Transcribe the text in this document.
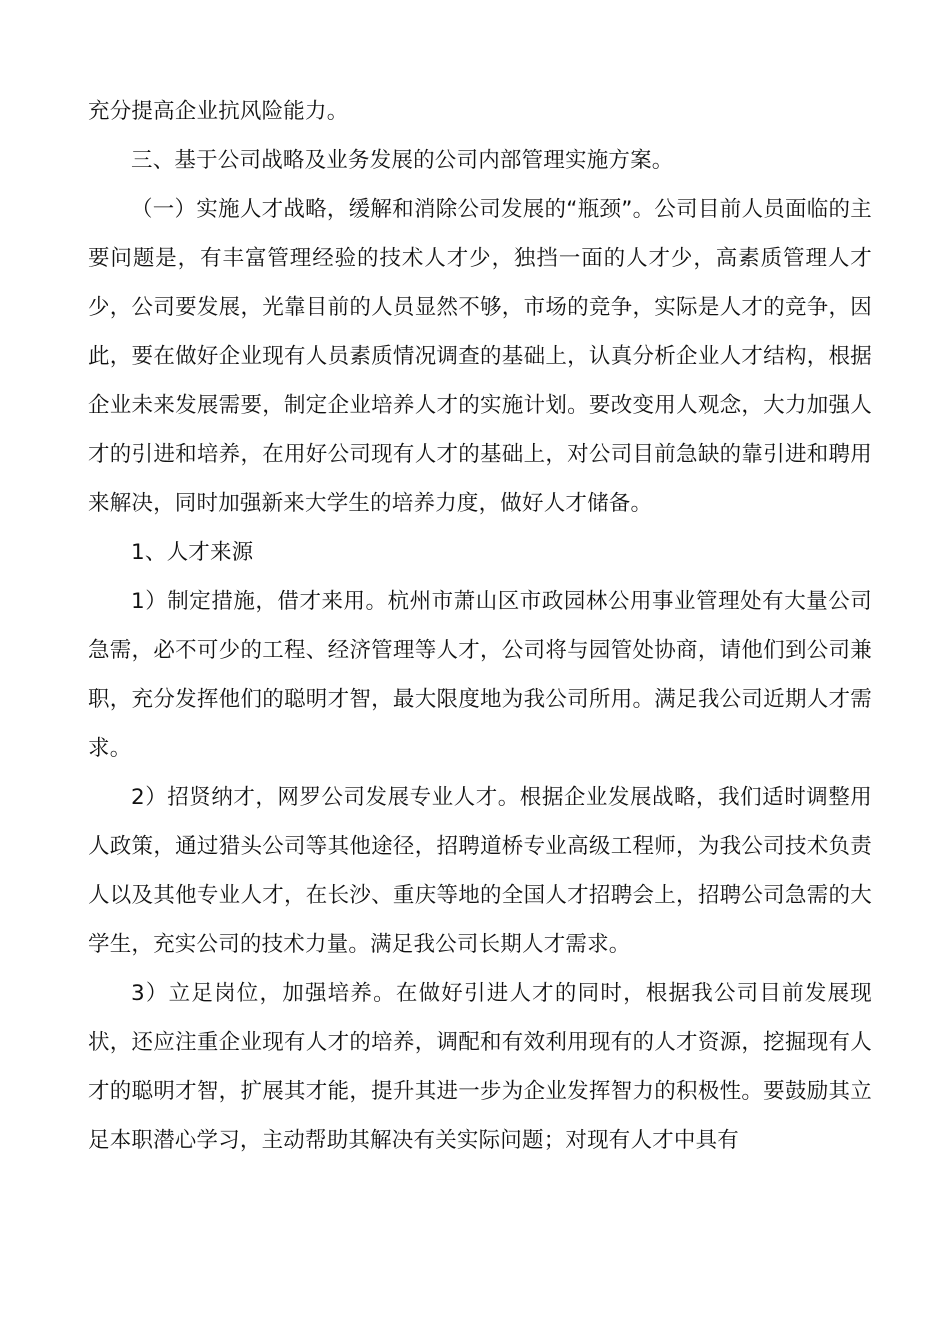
充分提高企业抗风险能力。

三、基于公司战略及业务发展的公司内部管理实施方案。

（一）实施人才战略，缓解和消除公司发展的“瓶颈”。公司目前人员面临的主要问题是，有丰富管理经验的技术人才少，独挡一面的人才少，高素质管理人才少，公司要发展，光靠目前的人员显然不够，市场的竞争，实际是人才的竞争，因此，要在做好企业现有人员素质情况调查的基础上，认真分析企业人才结构，根据企业未来发展需要，制定企业培养人才的实施计划。要改变用人观念，大力加强人才的引进和培养，在用好公司现有人才的基础上，对公司目前急缺的靠引进和聘用来解决，同时加强新来大学生的培养力度，做好人才储备。

1、人才来源

1）制定措施，借才来用。杭州市萧山区市政园林公用事业管理处有大量公司急需，必不可少的工程、经济管理等人才，公司将与园管处协商，请他们到公司兼职，充分发挥他们的聪明才智，最大限度地为我公司所用。满足我公司近期人才需求。

2）招贤纳才，网罗公司发展专业人才。根据企业发展战略，我们适时调整用人政策，通过猎头公司等其他途径，招聘道桥专业高级工程师，为我公司技术负责人以及其他专业人才，在长沙、重庆等地的全国人才招聘会上，招聘公司急需的大学生，充实公司的技术力量。满足我公司长期人才需求。

3）立足岗位，加强培养。在做好引进人才的同时，根据我公司目前发展现状，还应注重企业现有人才的培养，调配和有效利用现有的人才资源，挖掘现有人才的聪明才智，扩展其才能，提升其进一步为企业发挥智力的积极性。要鼓励其立足本职潜心学习，主动帮助其解决有关实际问题；对现有人才中具有
